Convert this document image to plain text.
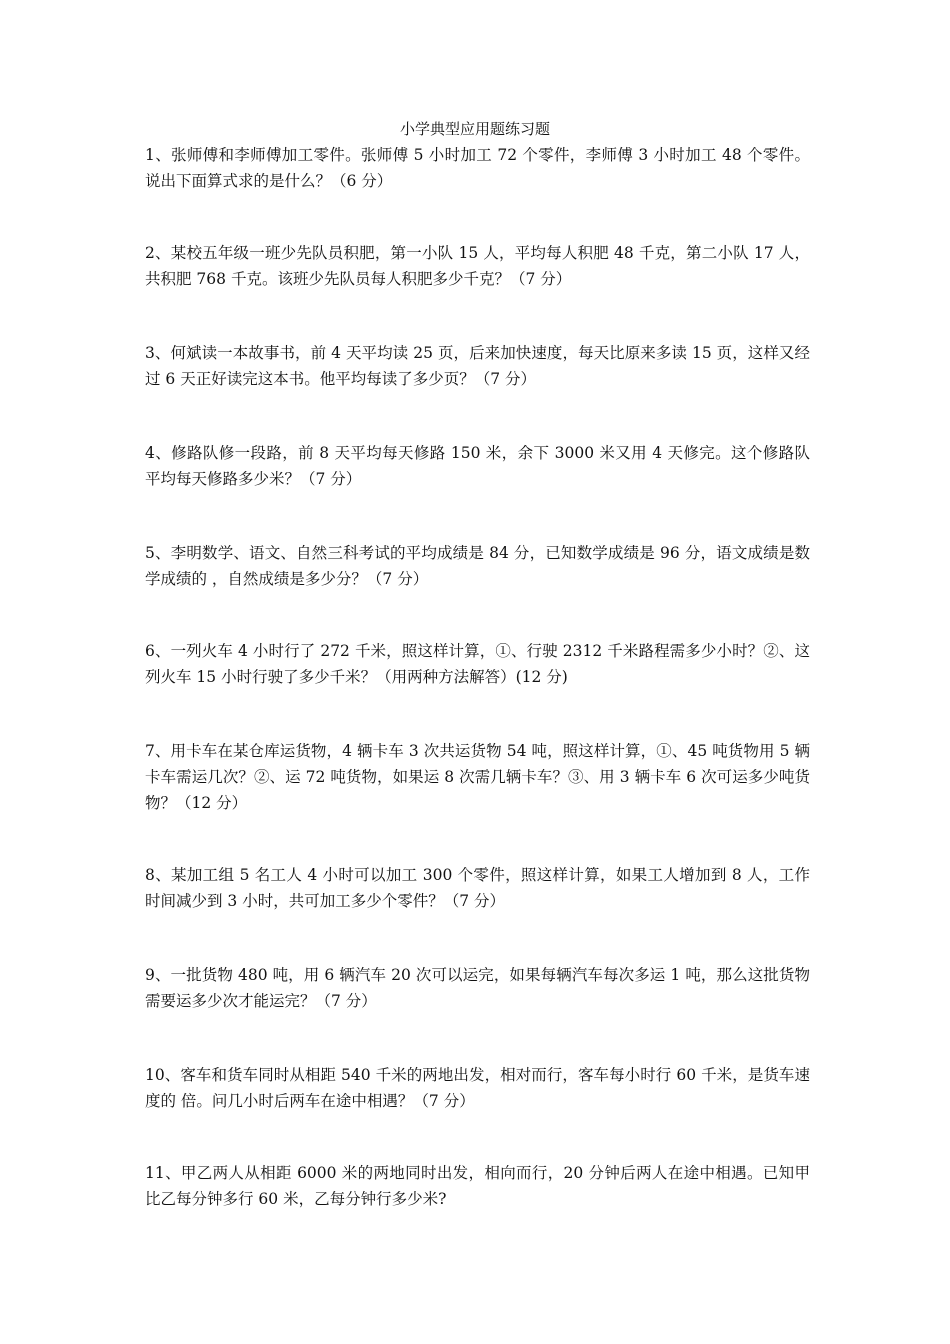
小学典型应用题练习题

1、张师傅和李师傅加工零件。张师傅 5 小时加工 72 个零件，李师傅 3 小时加工 48 个零件。说出下面算式求的是什么？（6 分）

2、某校五年级一班少先队员积肥，第一小队 15 人，平均每人积肥 48 千克，第二小队 17 人，共积肥 768 千克。该班少先队员每人积肥多少千克？（7 分）

3、何斌读一本故事书，前 4 天平均读 25 页，后来加快速度，每天比原来多读 15 页，这样又经过 6 天正好读完这本书。他平均每读了多少页？（7 分）

4、修路队修一段路，前 8 天平均每天修路 150 米，余下 3000 米又用 4 天修完。这个修路队平均每天修路多少米？（7 分）

5、李明数学、语文、自然三科考试的平均成绩是 84 分，已知数学成绩是 96 分，语文成绩是数学成绩的 ，自然成绩是多少分？（7 分）

6、一列火车 4 小时行了 272 千米，照这样计算，①、行驶 2312 千米路程需多少小时？②、这列火车 15 小时行驶了多少千米？（用两种方法解答）(12 分)

7、用卡车在某仓库运货物，4 辆卡车 3 次共运货物 54 吨，照这样计算，①、45 吨货物用 5 辆卡车需运几次？②、运 72 吨货物，如果运 8 次需几辆卡车？③、用 3 辆卡车 6 次可运多少吨货物？（12 分）

8、某加工组 5 名工人 4 小时可以加工 300 个零件，照这样计算，如果工人增加到 8 人，工作时间减少到 3 小时，共可加工多少个零件？（7 分）

9、一批货物 480 吨，用 6 辆汽车 20 次可以运完，如果每辆汽车每次多运 1 吨，那么这批货物需要运多少次才能运完？（7 分）

10、客车和货车同时从相距 540 千米的两地出发，相对而行，客车每小时行 60 千米，是货车速度的 倍。问几小时后两车在途中相遇？（7 分）

11、甲乙两人从相距 6000 米的两地同时出发，相向而行，20 分钟后两人在途中相遇。已知甲比乙每分钟多行 60 米，乙每分钟行多少米?
